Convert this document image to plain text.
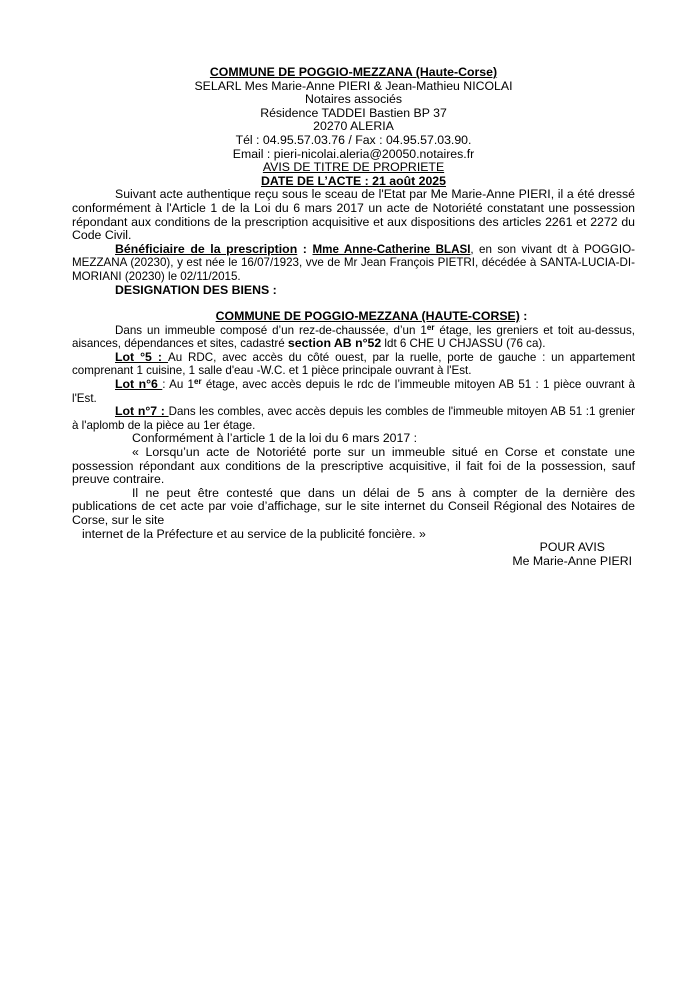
COMMUNE DE POGGIO-MEZZANA (Haute-Corse)
SELARL Mes Marie-Anne PIERI & Jean-Mathieu NICOLAI
Notaires associés
Résidence TADDEI Bastien BP 37
20270 ALERIA
Tél : 04.95.57.03.76 / Fax : 04.95.57.03.90.
Email : pieri-nicolai.aleria@20050.notaires.fr
AVIS DE TITRE DE PROPRIETE
DATE DE L’ACTE : 21 août 2025
Suivant acte authentique reçu sous le sceau de l'Etat par Me Marie-Anne PIERI, il a été dressé conformément à l'Article 1 de la Loi du 6 mars 2017 un acte de Notoriété constatant une possession répondant aux conditions de la prescription acquisitive et aux dispositions des articles 2261 et 2272 du Code Civil.
Bénéficiaire de la prescription : Mme Anne-Catherine BLASI, en son vivant dt à POGGIO-MEZZANA (20230), y est née le 16/07/1923, vve de Mr Jean François PIETRI, décédée à SANTA-LUCIA-DI-MORIANI (20230) le 02/11/2015.
DESIGNATION DES BIENS :
COMMUNE DE POGGIO-MEZZANA (HAUTE-CORSE) :
Dans un immeuble composé d’un rez-de-chaussée, d’un 1er étage, les greniers et toit au-dessus, aisances, dépendances et sites, cadastré section AB n°52 ldt 6 CHE U CHJASSU (76 ca).
Lot °5 : Au RDC, avec accès du côté ouest, par la ruelle, porte de gauche : un appartement comprenant 1 cuisine, 1 salle d'eau -W.C. et 1 pièce principale ouvrant à l'Est.
Lot n°6 : Au 1er étage, avec accès depuis le rdc de l’immeuble mitoyen AB 51 : 1 pièce ouvrant à l'Est.
Lot n°7 : Dans les combles, avec accès depuis les combles de l'immeuble mitoyen AB 51 :1 grenier à l'aplomb de la pièce au 1er étage.
Conformément à l’article 1 de la loi du 6 mars 2017 :
« Lorsqu’un acte de Notoriété porte sur un immeuble situé en Corse et constate une possession répondant aux conditions de la prescriptive acquisitive, il fait foi de la possession, sauf preuve contraire.
Il ne peut être contesté que dans un délai de 5 ans à compter de la dernière des publications de cet acte par voie d’affichage, sur le site internet du Conseil Régional des Notaires de Corse, sur le site
internet de la Préfecture et au service de la publicité foncière. »
POUR AVIS
Me Marie-Anne PIERI
